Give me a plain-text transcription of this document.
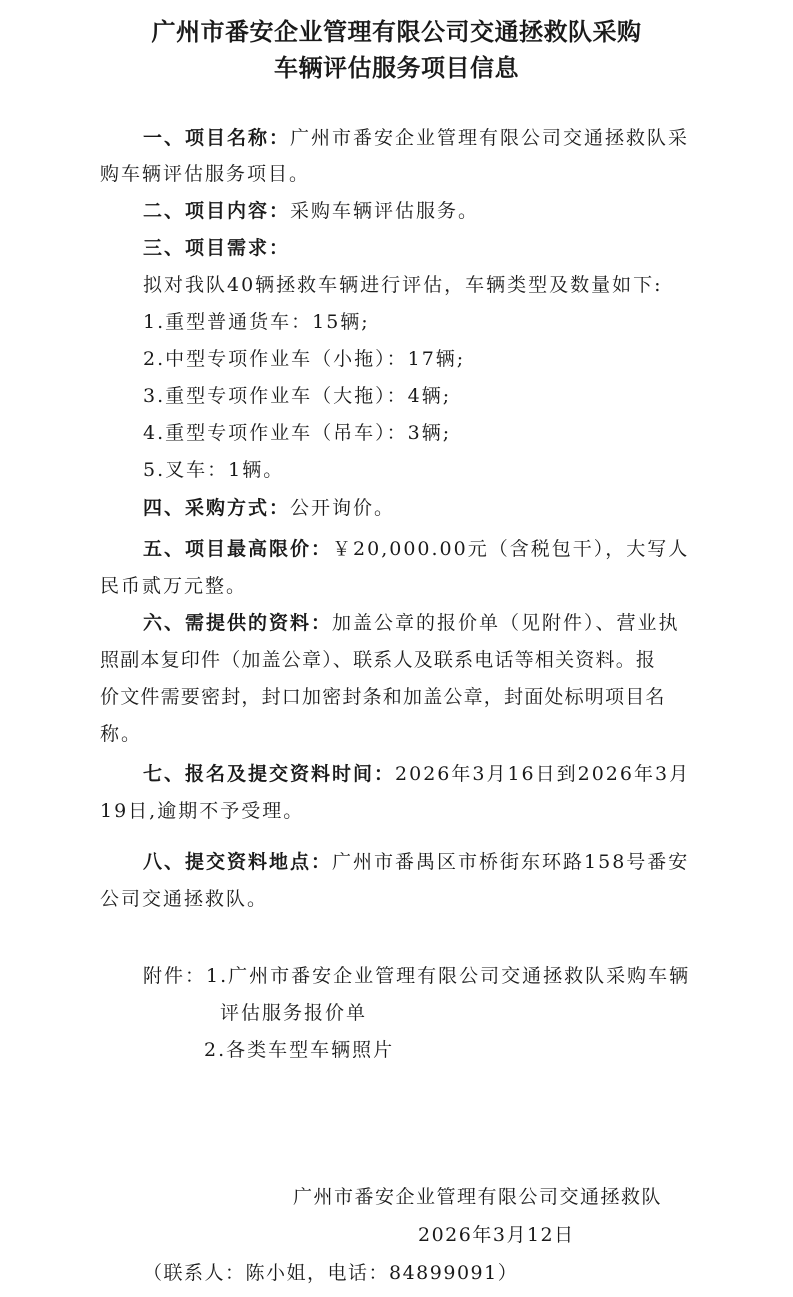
广州市番安企业管理有限公司交通拯救队采购
车辆评估服务项目信息
一、项目名称：广州市番安企业管理有限公司交通拯救队采
购车辆评估服务项目。
二、项目内容：采购车辆评估服务。
三、项目需求：
拟对我队40辆拯救车辆进行评估，车辆类型及数量如下:
1.重型普通货车：15辆;
2.中型专项作业车（小拖）：17辆;
3.重型专项作业车（大拖）：4辆;
4.重型专项作业车（吊车）：3辆;
5.叉车：1辆。
四、采购方式：公开询价。
五、项目最高限价：￥20,000.00元（含税包干），大写人
民币贰万元整。
六、需提供的资料：加盖公章的报价单（见附件）、营业执
照副本复印件（加盖公章）、联系人及联系电话等相关资料。报
价文件需要密封，封口加密封条和加盖公章，封面处标明项目名
称。
七、报名及提交资料时间：2026年3月16日到2026年3月
19日,逾期不予受理。
八、提交资料地点：广州市番禺区市桥街东环路158号番安
公司交通拯救队。
附件：1.广州市番安企业管理有限公司交通拯救队采购车辆
评估服务报价单
2.各类车型车辆照片
广州市番安企业管理有限公司交通拯救队
2026年3月12日
（联系人：陈小姐，电话：84899091）
